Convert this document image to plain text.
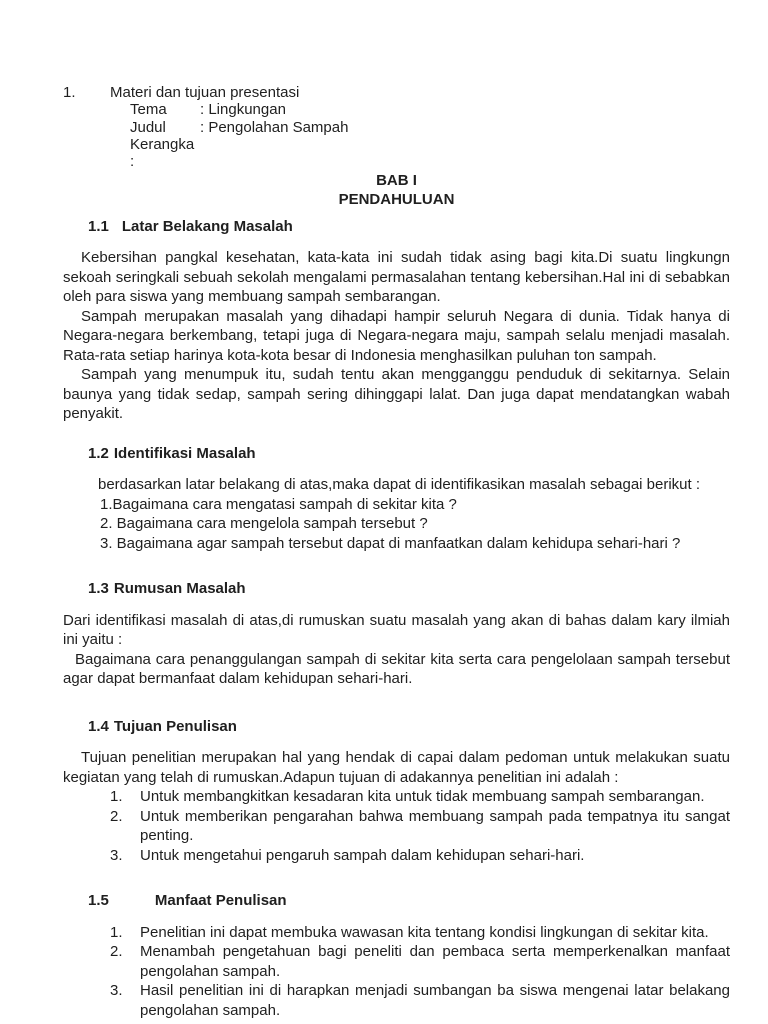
1.	Materi dan tujuan presentasi
Tema	: Lingkungan
Judul	: Pengolahan Sampah
Kerangka :
BAB I
PENDAHULUAN
1.1 Latar Belakang Masalah

Kebersihan pangkal kesehatan, kata-kata ini sudah tidak asing bagi kita.Di suatu lingkungn sekoah seringkali sebuah sekolah mengalami permasalahan tentang kebersihan.Hal ini di sebabkan oleh para siswa yang membuang sampah sembarangan.

Sampah merupakan masalah yang dihadapi hampir seluruh Negara di dunia. Tidak hanya di Negara-negara berkembang, tetapi juga di Negara-negara maju, sampah selalu menjadi masalah. Rata-rata setiap harinya kota-kota besar di Indonesia menghasilkan puluhan ton sampah.

Sampah yang menumpuk itu, sudah tentu akan mengganggu penduduk di sekitarnya. Selain baunya yang tidak sedap, sampah sering dihinggapi lalat. Dan juga dapat mendatangkan wabah penyakit.

1.2 Identifikasi Masalah

berdasarkan latar belakang di atas,maka dapat di identifikasikan masalah sebagai berikut :

1.Bagaimana cara mengatasi sampah di sekitar kita ?
2. Bagaimana cara mengelola sampah tersebut ?
3. Bagaimana agar sampah tersebut dapat di manfaatkan dalam kehidupa sehari-hari ?
1.3 Rumusan Masalah

Dari identifikasi masalah di atas,di rumuskan suatu masalah yang akan di bahas dalam kary ilmiah ini yaitu :

Bagaimana cara penanggulangan sampah di sekitar kita serta cara pengelolaan sampah tersebut agar dapat bermanfaat dalam kehidupan sehari-hari.

1.4 Tujuan Penulisan

Tujuan penelitian merupakan hal yang hendak di capai dalam pedoman untuk melakukan suatu kegiatan yang telah di rumuskan.Adapun tujuan di adakannya penelitian ini adalah :

1.	Untuk membangkitkan kesadaran kita untuk tidak membuang sampah sembarangan.
2.	Untuk memberikan pengarahan bahwa membuang sampah pada tempatnya itu sangat penting.
3.	Untuk mengetahui pengaruh sampah dalam kehidupan sehari-hari.
1.5	Manfaat Penulisan
1.	Penelitian ini dapat membuka wawasan kita tentang kondisi lingkungan di sekitar kita.
2.	Menambah pengetahuan bagi peneliti dan pembaca serta memperkenalkan manfaat pengolahan sampah.
3.	Hasil penelitian ini di harapkan menjadi sumbangan ba siswa mengenai latar belakang pengolahan sampah.
